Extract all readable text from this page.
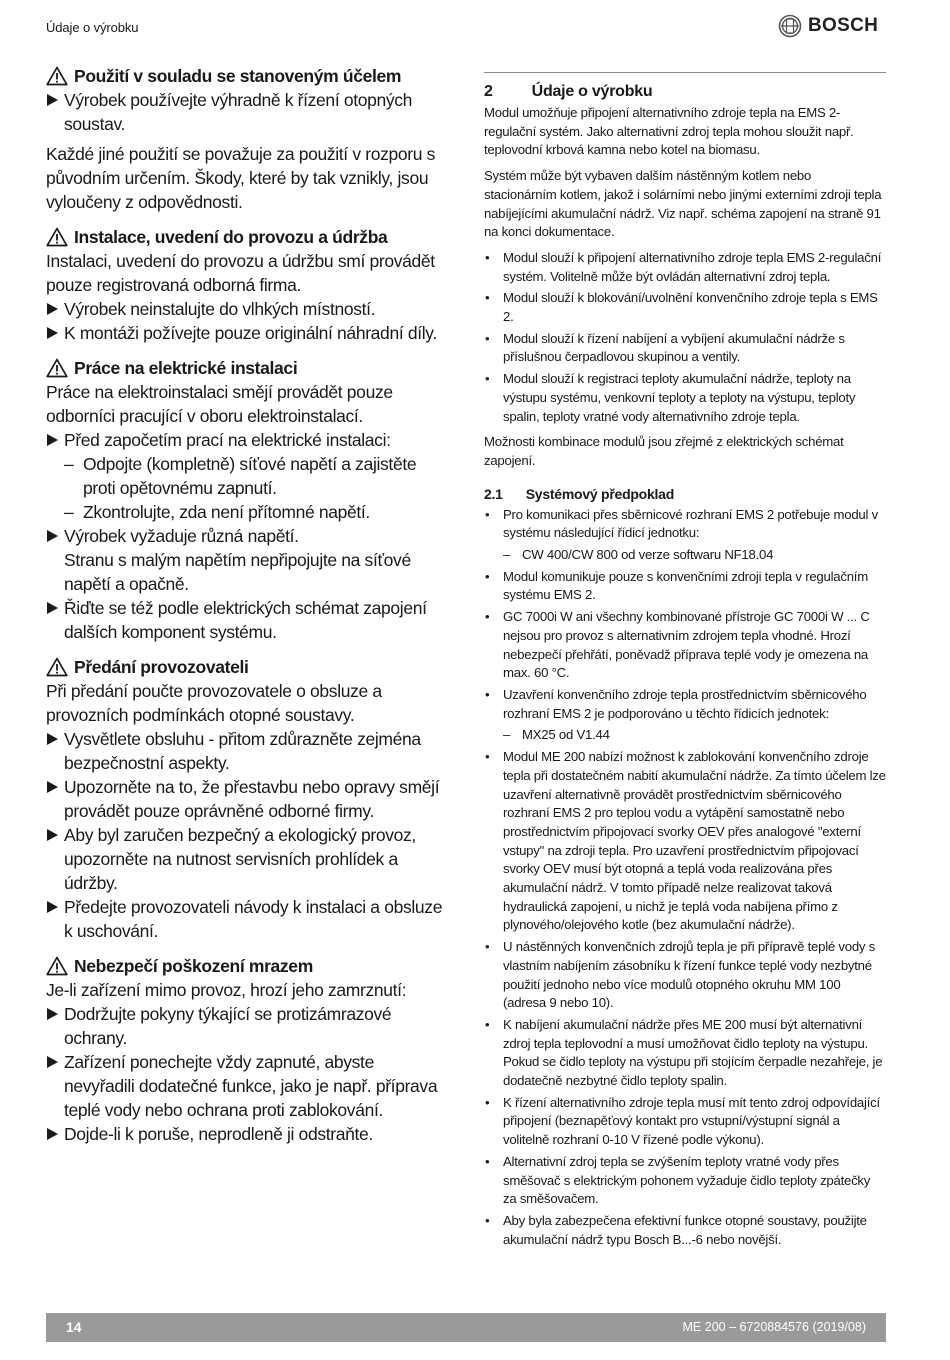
Údaje o výrobku	BOSCH
Použití v souladu se stanoveným účelem
Výrobek používejte výhradně k řízení otopných soustav.

Každé jiné použití se považuje za použití v rozporu s původním určením. Škody, které by tak vznikly, jsou vyloučeny z odpovědnosti.

Instalace, uvedení do provozu a údržba

Instalaci, uvedení do provozu a údržbu smí provádět pouze registrovaná odborná firma.

Výrobek neinstalujte do vlhkých místností.
K montáži požívejte pouze originální náhradní díly.
Práce na elektrické instalaci

Práce na elektroinstalaci smějí provádět pouze odborníci pracující v oboru elektroinstalací.

Před započetím prací na elektrické instalaci:
– Odpojte (kompletně) síťové napětí a zajistěte proti opětovnému zapnutí.
– Zkontrolujte, zda není přítomné napětí.
Výrobek vyžaduje různá napětí.
Stranu s malým napětím nepřipojujte na síťové napětí a opačně.
Řiďte se též podle elektrických schémat zapojení dalších komponent systému.
Předání provozovateli

Při předání poučte provozovatele o obsluze a provozních podmínkách otopné soustavy.

Vysvětlete obsluhu - přitom zdůrazněte zejména bezpečnostní aspekty.
Upozorněte na to, že přestavbu nebo opravy smějí provádět pouze oprávněné odborné firmy.
Aby byl zaručen bezpečný a ekologický provoz, upozorněte na nutnost servisních prohlídek a údržby.
Předejte provozovateli návody k instalaci a obsluze k uschování.
Nebezpečí poškození mrazem

Je-li zařízení mimo provoz, hrozí jeho zamrznutí:

Dodržujte pokyny týkající se protizámrazové ochrany.
Zařízení ponechejte vždy zapnuté, abyste nevyřadili dodatečné funkce, jako je např. příprava teplé vody nebo ochrana proti zablokování.
Dojde-li k poruše, neprodleně ji odstraňte.
2 Údaje o výrobku

Modul umožňuje připojení alternativního zdroje tepla na EMS 2-regulační systém. Jako alternativní zdroj tepla mohou sloužit např. teplovodní krbová kamna nebo kotel na biomasu.

Systém může být vybaven dalším nástěnným kotlem nebo stacionárním kotlem, jakož i solárními nebo jinými externími zdroji tepla nabíjejícími akumulační nádrž. Viz např. schéma zapojení na straně 91 na konci dokumentace.

• Modul slouží k připojení alternativního zdroje tepla EMS 2-regulační systém. Volitelně může být ovládán alternativní zdroj tepla.
• Modul slouží k blokování/uvolnění konvenčního zdroje tepla s EMS 2.
• Modul slouží k řízení nabíjení a vybíjení akumulační nádrže s příslušnou čerpadlovou skupinou a ventily.
• Modul slouží k registraci teploty akumulační nádrže, teploty na výstupu systému, venkovní teploty a teploty na výstupu, teploty spalin, teploty vratné vody alternativního zdroje tepla.

Možnosti kombinace modulů jsou zřejmé z elektrických schémat zapojení.

2.1 Systémový předpoklad
• Pro komunikaci přes sběrnicové rozhraní EMS 2 potřebuje modul v systému následující řídicí jednotku:
– CW 400/CW 800 od verze softwaru NF18.04
• Modul komunikuje pouze s konvenčními zdroji tepla v regulačním systému EMS 2.
• GC 7000i W ani všechny kombinované přístroje GC 7000i W ... C nejsou pro provoz s alternativním zdrojem tepla vhodné. Hrozí nebezpečí přehřátí, poněvadž příprava teplé vody je omezena na max. 60 °C.
• Uzavření konvenčního zdroje tepla prostřednictvím sběrnicového rozhraní EMS 2 je podporováno u těchto řídicích jednotek:
– MX25 od V1.44
• Modul ME 200 nabízí možnost k zablokování konvenčního zdroje tepla při dostatečném nabití akumulační nádrže. Za tímto účelem lze uzavření alternativně provádět prostřednictvím sběrnicového rozhraní EMS 2 pro teplou vodu a vytápění samostatně nebo prostřednictvím připojovací svorky OEV přes analogové "externí vstupy" na zdroji tepla. Pro uzavření prostřednictvím připojovací svorky OEV musí být otopná a teplá voda realizována přes akumulační nádrž. V tomto případě nelze realizovat taková hydraulická zapojení, u nichž je teplá voda nabíjena přímo z plynového/olejového kotle (bez akumulační nádrže).
• U nástěnných konvenčních zdrojů tepla je při přípravě teplé vody s vlastním nabíjením zásobníku k řízení funkce teplé vody nezbytné použití jednoho nebo více modulů otopného okruhu MM 100 (adresa 9 nebo 10).
• K nabíjení akumulační nádrže přes ME 200 musí být alternativní zdroj tepla teplovodní a musí umožňovat čidlo teploty na výstupu. Pokud se čidlo teploty na výstupu při stojícím čerpadle nezahřeje, je dodatečně nezbytné čidlo teploty spalin.
• K řízení alternativního zdroje tepla musí mít tento zdroj odpovídající připojení (beznapěťový kontakt pro vstupní/výstupní signál a volitelně rozhraní 0-10 V řízené podle výkonu).
• Alternativní zdroj tepla se zvýšením teploty vratné vody přes směšovač s elektrickým pohonem vyžaduje čidlo teploty zpátečky za směšovačem.
• Aby byla zabezpečena efektivní funkce otopné soustavy, použijte akumulační nádrž typu Bosch B...-6 nebo novější.
14	ME 200 – 6720884576 (2019/08)
